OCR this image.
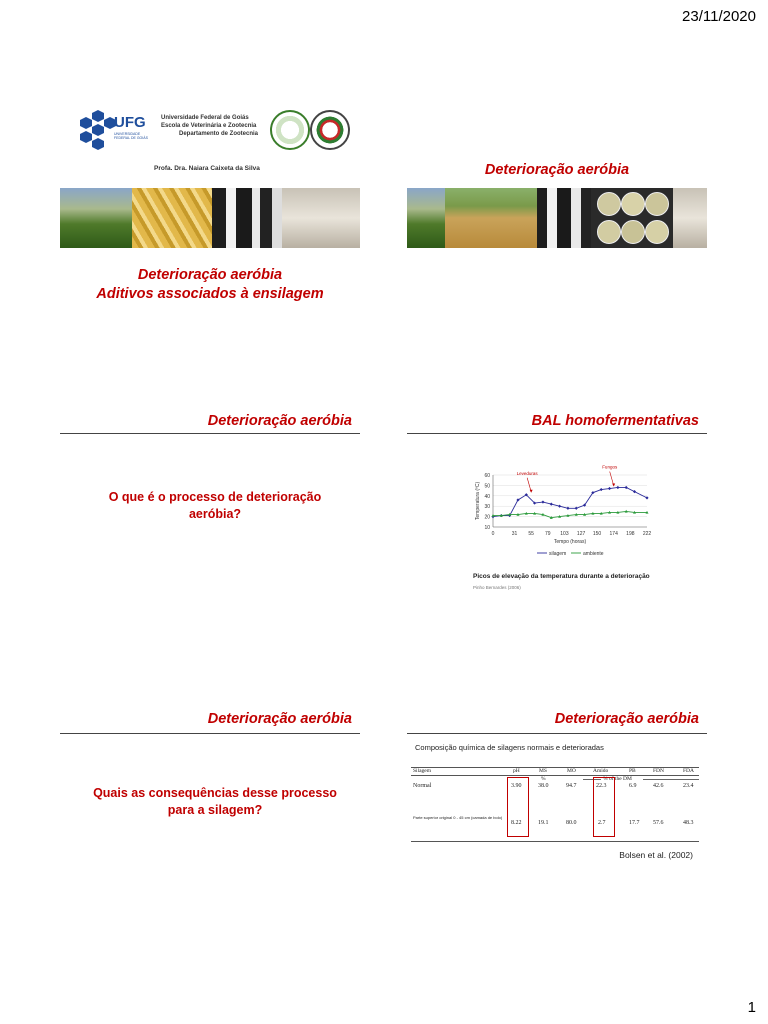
23/11/2020
UFG
UNIVERSIDADE FEDERAL DE GOIÁS
Universidade Federal de Goiás
Escola de Veterinária e Zootecnia
Departamento de Zootecnia
Profa. Dra. Naiara Caixeta da Silva
Deterioração aeróbia
Aditivos associados à ensilagem
Deterioração aeróbia
Deterioração aeróbia
O que é o processo de deterioração aeróbia?
BAL homofermentativas
10
20
30
40
50
60
0	31 55 79 103 127 150 174 198 222
Tempo (horas)
Temperatura (ºC)
silagem	ambiente
Leveduras
Fungos
Picos de elevação da temperatura durante a deterioração
Pinho Bernardes (2006)
Deterioração aeróbia
Quais as consequências desse processo para a silagem?
Deterioração aeróbia
Composição química de silagens normais e deterioradas
Silagem	pH	MS	MO	Amido	PB	FDN	FDA
%	% of the DM
Normal	3.90	38.0	94.7	22.3	6.9	42.6	23.4
Parte superior original 0 - 45 cm (camada de bolo)
8.22	19.1	80.0	2.7	17.7 57.6	48.3
Bolsen et al. (2002)
1
